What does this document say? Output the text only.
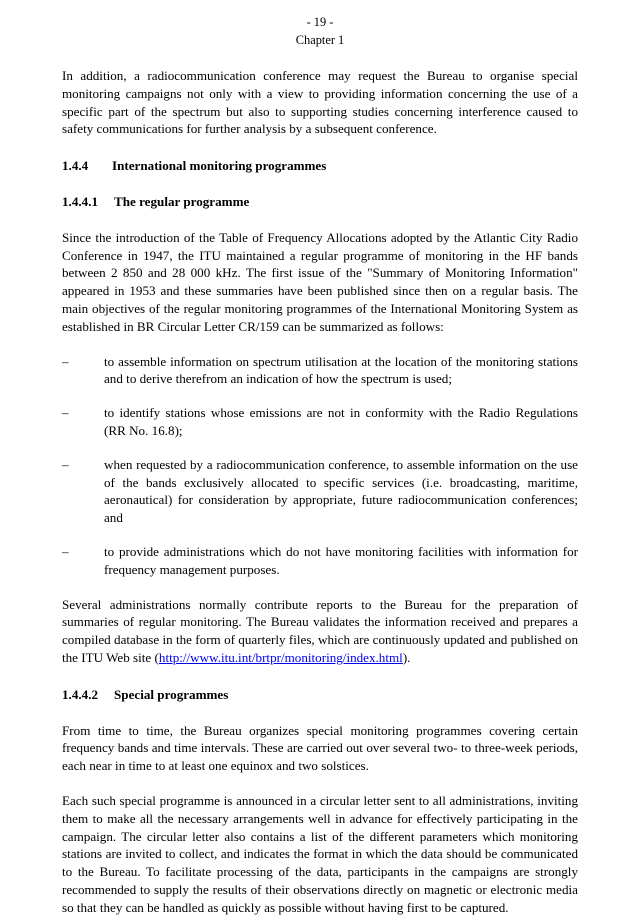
- 19 -
Chapter 1

In addition, a radiocommunication conference may request the Bureau to organise special monitoring campaigns not only with a view to providing information concerning the use of a specific part of the spectrum but also to supporting studies concerning interference caused to safety communications for further analysis by a subsequent conference.

1.4.4	International monitoring programmes
1.4.4.1	The regular programme

Since the introduction of the Table of Frequency Allocations adopted by the Atlantic City Radio Conference in 1947, the ITU maintained a regular programme of monitoring in the HF bands between 2 850 and 28 000 kHz. The first issue of the "Summary of Monitoring Information" appeared in 1953 and these summaries have been published since then on a regular basis. The main objectives of the regular monitoring programmes of the International Monitoring System as established in BR Circular Letter CR/159 can be summarized as follows:

–	to assemble information on spectrum utilisation at the location of the monitoring stations and to derive therefrom an indication of how the spectrum is used;
–	to identify stations whose emissions are not in conformity with the Radio Regulations (RR No. 16.8);
–	when requested by a radiocommunication conference, to assemble information on the use of the bands exclusively allocated to specific services (i.e. broadcasting, maritime, aeronautical) for consideration by appropriate, future radiocommunication conferences; and
–	to provide administrations which do not have monitoring facilities with information for frequency management purposes.

Several administrations normally contribute reports to the Bureau for the preparation of summaries of regular monitoring. The Bureau validates the information received and prepares a compiled database in the form of quarterly files, which are continuously updated and published on the ITU Web site (http://www.itu.int/brtpr/monitoring/index.html).

1.4.4.2	Special programmes

From time to time, the Bureau organizes special monitoring programmes covering certain frequency bands and time intervals. These are carried out over several two- to three-week periods, each near in time to at least one equinox and two solstices.

Each such special programme is announced in a circular letter sent to all administrations, inviting them to make all the necessary arrangements well in advance for effectively participating in the campaign. The circular letter also contains a list of the different parameters which monitoring stations are invited to collect, and indicates the format in which the data should be communicated to the Bureau. To facilitate processing of the data, participants in the campaigns are strongly recommended to supply the results of their observations directly on magnetic or electronic media so that they can be handled as quickly as possible without having first to be captured.
